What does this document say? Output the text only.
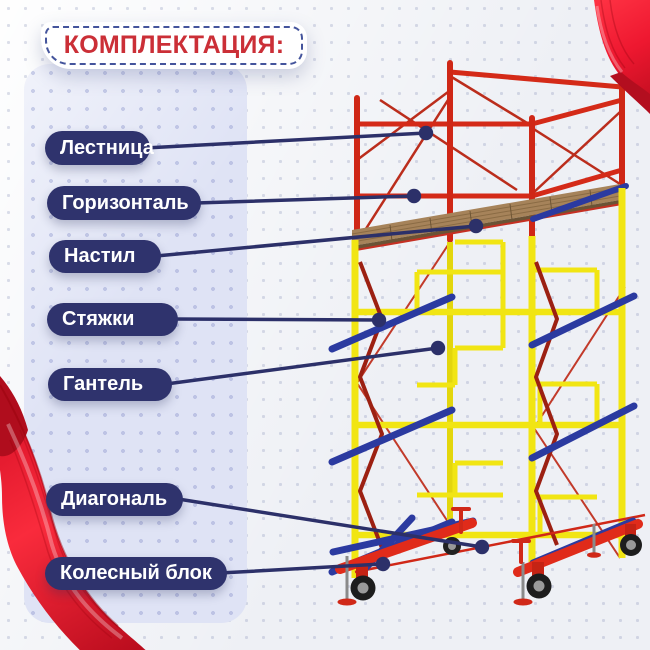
КОМПЛЕКТАЦИЯ:
Лестница
Горизонталь
Настил
Стяжки
Гантель
Диагональ
Колесный блок
